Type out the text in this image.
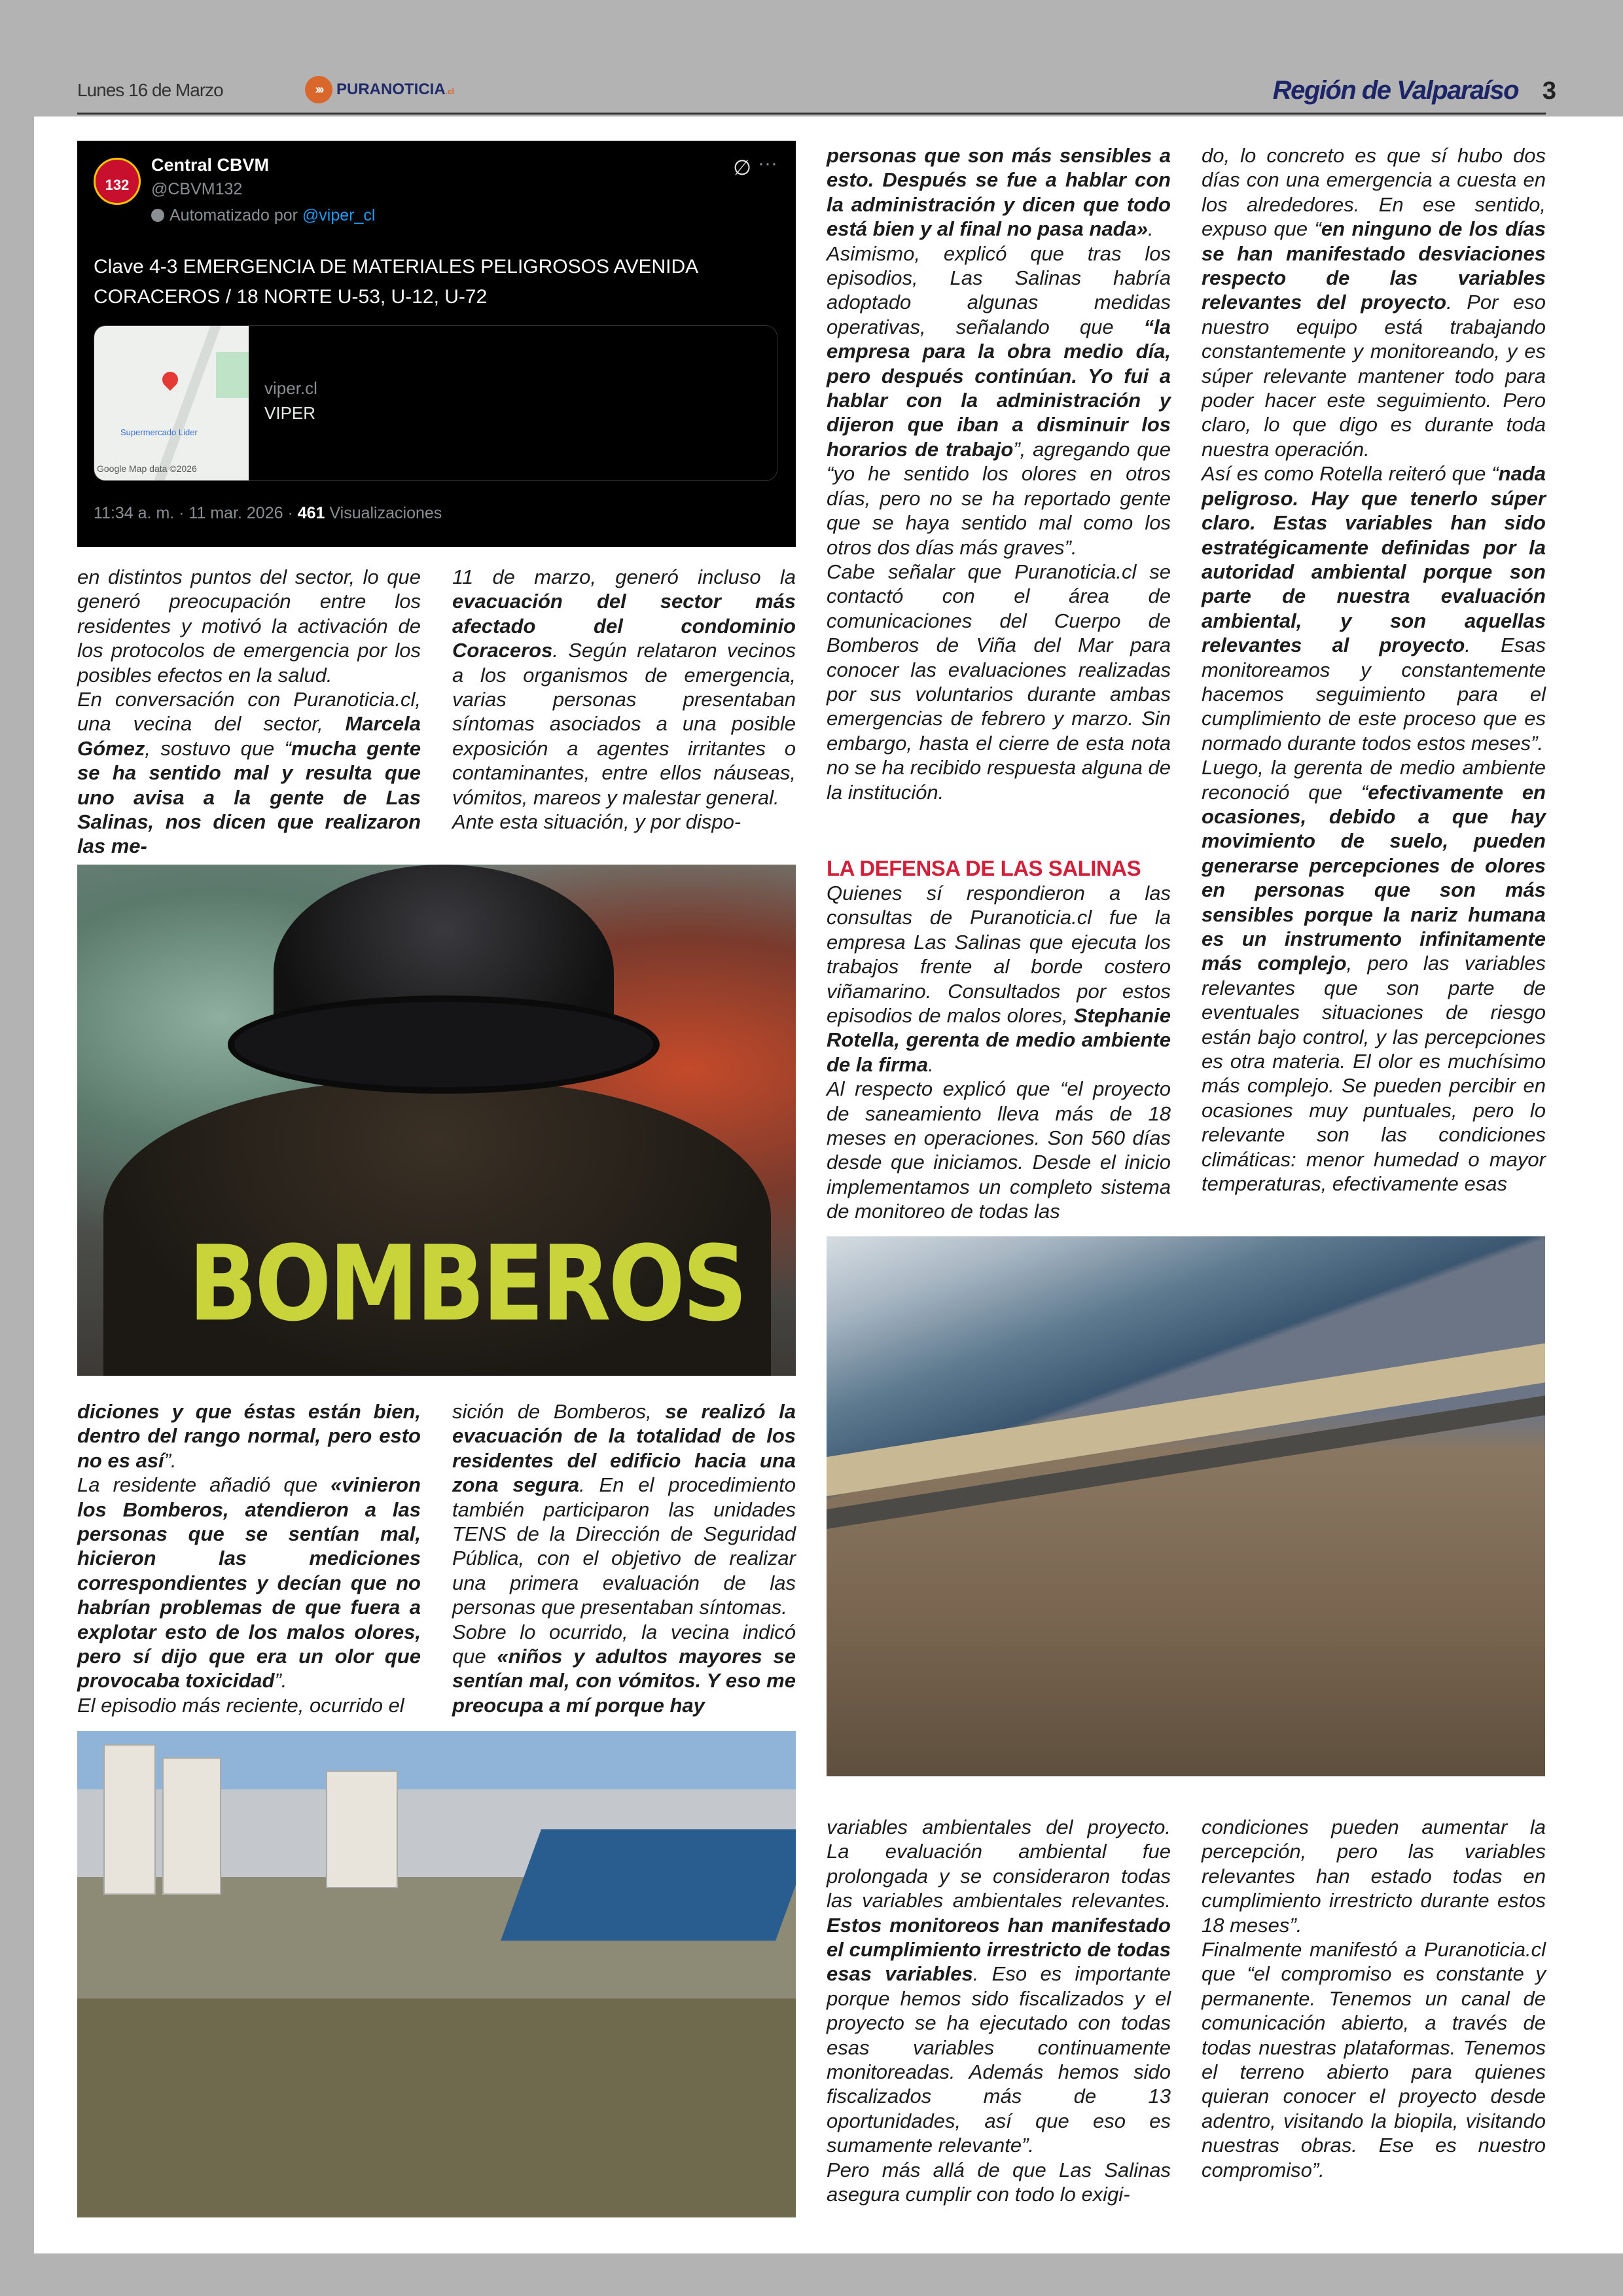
Lunes 16 de Marzo	››› PURANOTICIA.cl	Región de Valparaíso 3
132
Central CBVM
@CBVM132
Automatizado por @viper_cl
∅ ···
Clave 4-3 EMERGENCIA DE MATERIALES PELIGROSOS AVENIDA CORACEROS / 18 NORTE U-53, U-12, U-72
Supermercado Lider
Google Map data ©2026
viper.cl
VIPER
11:34 a. m. · 11 mar. 2026 · 461 Visualizaciones

en distintos puntos del sector, lo que generó preocupación entre los residentes y motivó la activación de los protocolos de emergencia por los posibles efectos en la salud.

En conversación con Puranoticia.cl, una vecina del sector, Marcela Gómez, sostuvo que “mucha gente se ha sentido mal y resulta que uno avisa a la gente de Las Salinas, nos dicen que realizaron las me-

11 de marzo, generó incluso la evacuación del sector más afectado del condominio Coraceros. Según relataron vecinos a los organismos de emergencia, varias personas presentaban síntomas asociados a una posible exposición a agentes irritantes o contaminantes, entre ellos náuseas, vómitos, mareos y malestar general.

Ante esta situación, y por dispo-

BOMBEROS

diciones y que éstas están bien, dentro del rango normal, pero esto no es así”.

La residente añadió que «vinieron los Bomberos, atendieron a las personas que se sentían mal, hicieron las mediciones correspondientes y decían que no habrían problemas de que fuera a explotar esto de los malos olores, pero sí dijo que era un olor que provocaba toxicidad”.

El episodio más reciente, ocurrido el

sición de Bomberos, se realizó la evacuación de la totalidad de los residentes del edificio hacia una zona segura. En el procedimiento también participaron las unidades TENS de la Dirección de Seguridad Pública, con el objetivo de realizar una primera evaluación de las personas que presentaban síntomas.

Sobre lo ocurrido, la vecina indicó que «niños y adultos mayores se sentían mal, con vómitos. Y eso me preocupa a mí porque hay

personas que son más sensibles a esto. Después se fue a hablar con la administración y dicen que todo está bien y al final no pasa nada».

Asimismo, explicó que tras los episodios, Las Salinas habría adoptado algunas medidas operativas, señalando que “la empresa para la obra medio día, pero después continúan. Yo fui a hablar con la administración y dijeron que iban a disminuir los horarios de trabajo”, agregando que “yo he sentido los olores en otros días, pero no se ha reportado gente que se haya sentido mal como los otros dos días más graves”.

Cabe señalar que Puranoticia.cl se contactó con el área de comunicaciones del Cuerpo de Bomberos de Viña del Mar para conocer las evaluaciones realizadas por sus voluntarios durante ambas emergencias de febrero y marzo. Sin embargo, hasta el cierre de esta nota no se ha recibido respuesta alguna de la institución.

LA DEFENSA DE LAS SALINAS

Quienes sí respondieron a las consultas de Puranoticia.cl fue la empresa Las Salinas que ejecuta los trabajos frente al borde costero viñamarino. Consultados por estos episodios de malos olores, Stephanie Rotella, gerenta de medio ambiente de la firma.

Al respecto explicó que “el proyecto de saneamiento lleva más de 18 meses en operaciones. Son 560 días desde que iniciamos. Desde el inicio implementamos un completo sistema de monitoreo de todas las

do, lo concreto es que sí hubo dos días con una emergencia a cuesta en los alrededores. En ese sentido, expuso que “en ninguno de los días se han manifestado desviaciones respecto de las variables relevantes del proyecto. Por eso nuestro equipo está trabajando constantemente y monitoreando, y es súper relevante mantener todo para poder hacer este seguimiento. Pero claro, lo que digo es durante toda nuestra operación.

Así es como Rotella reiteró que “nada peligroso. Hay que tenerlo súper claro. Estas variables han sido estratégicamente definidas por la autoridad ambiental porque son parte de nuestra evaluación ambiental, y son aquellas relevantes al proyecto. Esas monitoreamos y constantemente hacemos seguimiento para el cumplimiento de este proceso que es normado durante todos estos meses”.

Luego, la gerenta de medio ambiente reconoció que “efectivamente en ocasiones, debido a que hay movimiento de suelo, pueden generarse percepciones de olores en personas que son más sensibles porque la nariz humana es un instrumento infinitamente más complejo, pero las variables relevantes que son parte de eventuales situaciones de riesgo están bajo control, y las percepciones es otra materia. El olor es muchísimo más complejo. Se pueden percibir en ocasiones muy puntuales, pero lo relevante son las condiciones climáticas: menor humedad o mayor temperaturas, efectivamente esas

variables ambientales del proyecto. La evaluación ambiental fue prolongada y se consideraron todas las variables ambientales relevantes. Estos monitoreos han manifestado el cumplimiento irrestricto de todas esas variables. Eso es importante porque hemos sido fiscalizados y el proyecto se ha ejecutado con todas esas variables continuamente monitoreadas. Además hemos sido fiscalizados más de 13 oportunidades, así que eso es sumamente relevante”.

Pero más allá de que Las Salinas asegura cumplir con todo lo exigi-

condiciones pueden aumentar la percepción, pero las variables relevantes han estado todas en cumplimiento irrestricto durante estos 18 meses”.

Finalmente manifestó a Puranoticia.cl que “el compromiso es constante y permanente. Tenemos un canal de comunicación abierto, a través de todas nuestras plataformas. Tenemos el terreno abierto para quienes quieran conocer el proyecto desde adentro, visitando la biopila, visitando nuestras obras. Ese es nuestro compromiso”.
